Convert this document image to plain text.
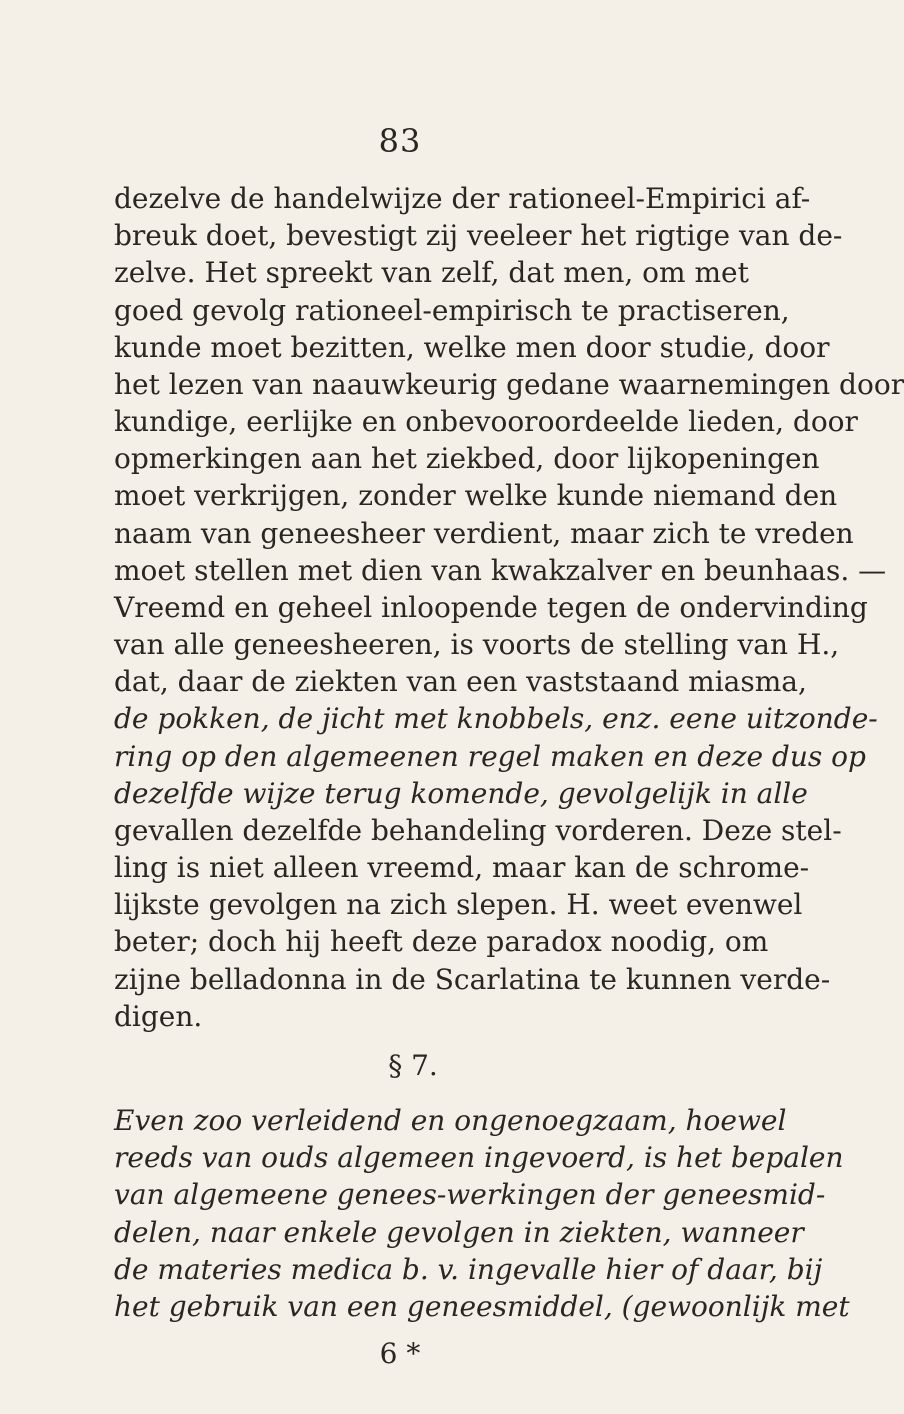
83
dezelve de handelwijze der rationeel-Empirici af-
breuk doet, bevestigt zij veeleer het rigtige van de-
zelve. Het spreekt van zelf, dat men, om met
goed gevolg rationeel-empirisch te practiseren,
kunde moet bezitten, welke men door studie, door
het lezen van naauwkeurig gedane waarnemingen door
kundige, eerlijke en onbevooroordeelde lieden, door
opmerkingen aan het ziekbed, door lijkopeningen
moet verkrijgen, zonder welke kunde niemand den
naam van geneesheer verdient, maar zich te vreden
moet stellen met dien van kwakzalver en beunhaas. —
Vreemd en geheel inloopende tegen de ondervinding
van alle geneesheeren, is voorts de stelling van H.,
dat, daar de ziekten van een vaststaand miasma,
de pokken, de jicht met knobbels, enz. eene uitzonde-
ring op den algemeenen regel maken en deze dus op
dezelfde wijze terug komende, gevolgelijk in alle
gevallen dezelfde behandeling vorderen. Deze stel-
ling is niet alleen vreemd, maar kan de schrome-
lijkste gevolgen na zich slepen. H. weet evenwel
beter; doch hij heeft deze paradox noodig, om
zijne belladonna in de Scarlatina te kunnen verde-
digen.
§ 7.
Even zoo verleidend en ongenoegzaam, hoewel
reeds van ouds algemeen ingevoerd, is het bepalen
van algemeene genees-werkingen der geneesmid-
delen, naar enkele gevolgen in ziekten, wanneer
de materies medica b. v. ingevalle hier of daar, bij
het gebruik van een geneesmiddel, (gewoonlijk met
6 *
